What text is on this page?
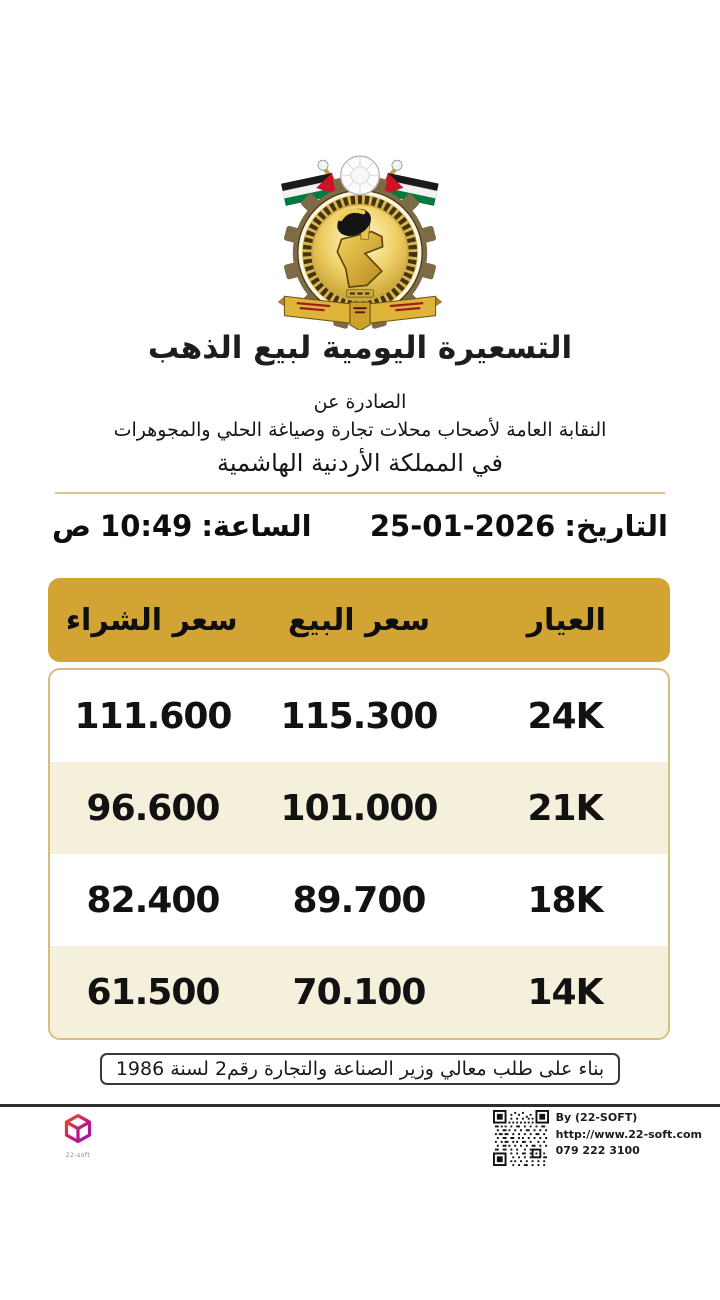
التسعيرة اليومية لبيع الذهب
الصادرة عن
النقابة العامة لأصحاب محلات تجارة وصياغة الحلي والمجوهرات
في المملكة الأردنية الهاشمية
التاريخ:
25-01-2026
الساعة:
10:49
ص
العيار
سعر البيع
سعر الشراء
24K
115.300
111.600
21K
101.000
96.600
18K
89.700
82.400
14K
70.100
61.500
بناء على طلب معالي وزير الصناعة والتجارة رقم2 لسنة 1986
22-soft
By (22-SOFT)
http://www.22-soft.com
079 222 3100
